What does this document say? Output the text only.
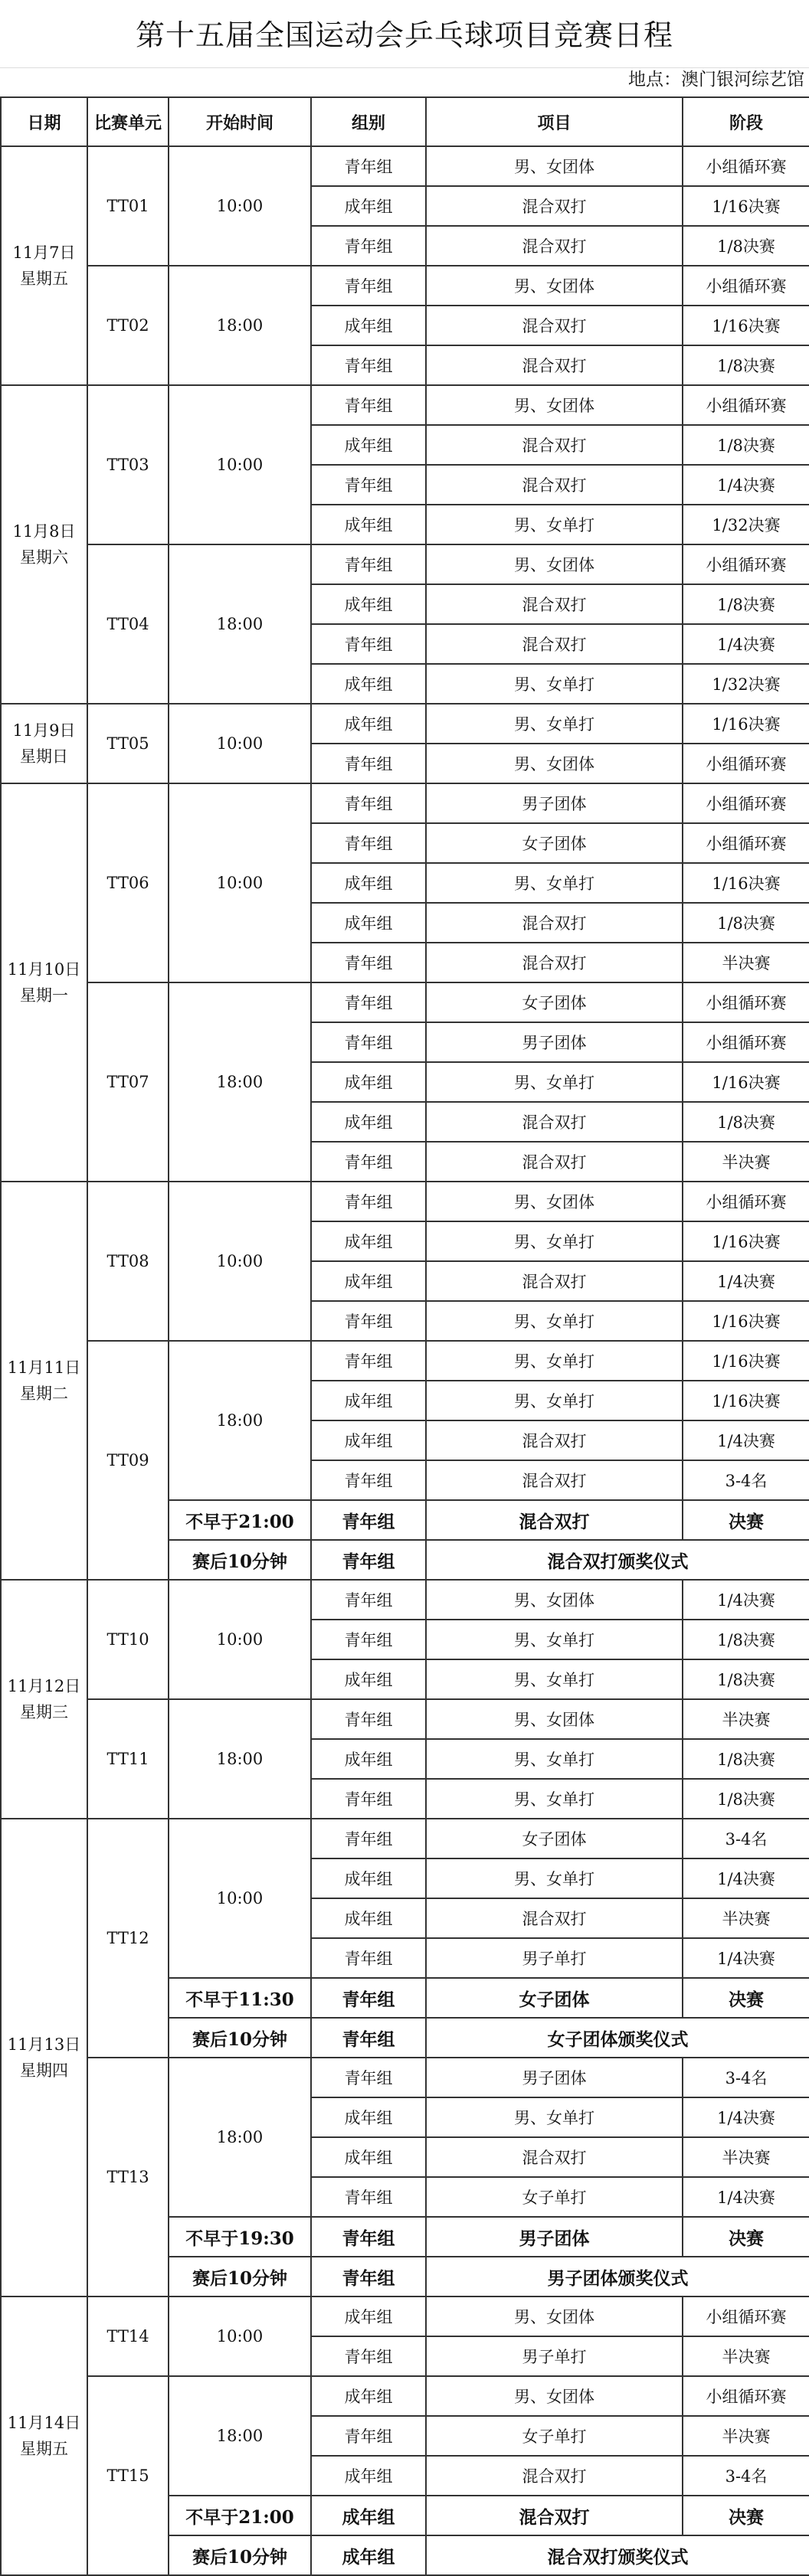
第十五届全国运动会乒乓球项目竞赛日程
地点：澳门银河综艺馆
日期	比赛单元	开始时间	组别	项目	阶段

11月7日
星期五	TT01	10:00	青年组	男、女团体	小组循环赛
			成年组	混合双打	1/16决赛
			青年组	混合双打	1/8决赛
	TT02	18:00	青年组	男、女团体	小组循环赛
			成年组	混合双打	1/16决赛
			青年组	混合双打	1/8决赛

11月8日
星期六	TT03	10:00	青年组	男、女团体	小组循环赛
			成年组	混合双打	1/8决赛
			青年组	混合双打	1/4决赛
			成年组	男、女单打	1/32决赛
	TT04	18:00	青年组	男、女团体	小组循环赛
			成年组	混合双打	1/8决赛
			青年组	混合双打	1/4决赛
			成年组	男、女单打	1/32决赛

11月9日
星期日	TT05	10:00	成年组	男、女单打	1/16决赛
			青年组	男、女团体	小组循环赛

11月10日
星期一	TT06	10:00	青年组	男子团体	小组循环赛
			青年组	女子团体	小组循环赛
			成年组	男、女单打	1/16决赛
			成年组	混合双打	1/8决赛
			青年组	混合双打	半决赛
	TT07	18:00	青年组	女子团体	小组循环赛
			青年组	男子团体	小组循环赛
			成年组	男、女单打	1/16决赛
			成年组	混合双打	1/8决赛
			青年组	混合双打	半决赛

11月11日
星期二	TT08	10:00	青年组	男、女团体	小组循环赛
			成年组	男、女单打	1/16决赛
			成年组	混合双打	1/4决赛
			青年组	男、女单打	1/16决赛
	TT09	18:00	青年组	男、女单打	1/16决赛
			成年组	男、女单打	1/16决赛
			成年组	混合双打	1/4决赛
			青年组	混合双打	3-4名
		不早于21:00	青年组	混合双打	决赛
		赛后10分钟	青年组	混合双打颁奖仪式	

11月12日
星期三	TT10	10:00	青年组	男、女团体	1/4决赛
			青年组	男、女单打	1/8决赛
			成年组	男、女单打	1/8决赛
	TT11	18:00	青年组	男、女团体	半决赛
			成年组	男、女单打	1/8决赛
			青年组	男、女单打	1/8决赛

11月13日
星期四	TT12	10:00	青年组	女子团体	3-4名
			成年组	男、女单打	1/4决赛
			成年组	混合双打	半决赛
			青年组	男子单打	1/4决赛
		不早于11:30	青年组	女子团体	决赛
		赛后10分钟	青年组	女子团体颁奖仪式	
	TT13	18:00	青年组	男子团体	3-4名
			成年组	男、女单打	1/4决赛
			成年组	混合双打	半决赛
			青年组	女子单打	1/4决赛
		不早于19:30	青年组	男子团体	决赛
		赛后10分钟	青年组	男子团体颁奖仪式	

11月14日
星期五	TT14	10:00	成年组	男、女团体	小组循环赛
			青年组	男子单打	半决赛
	TT15	18:00	成年组	男、女团体	小组循环赛
			青年组	女子单打	半决赛
			成年组	混合双打	3-4名
		不早于21:00	成年组	混合双打	决赛
		赛后10分钟	成年组	混合双打颁奖仪式	
